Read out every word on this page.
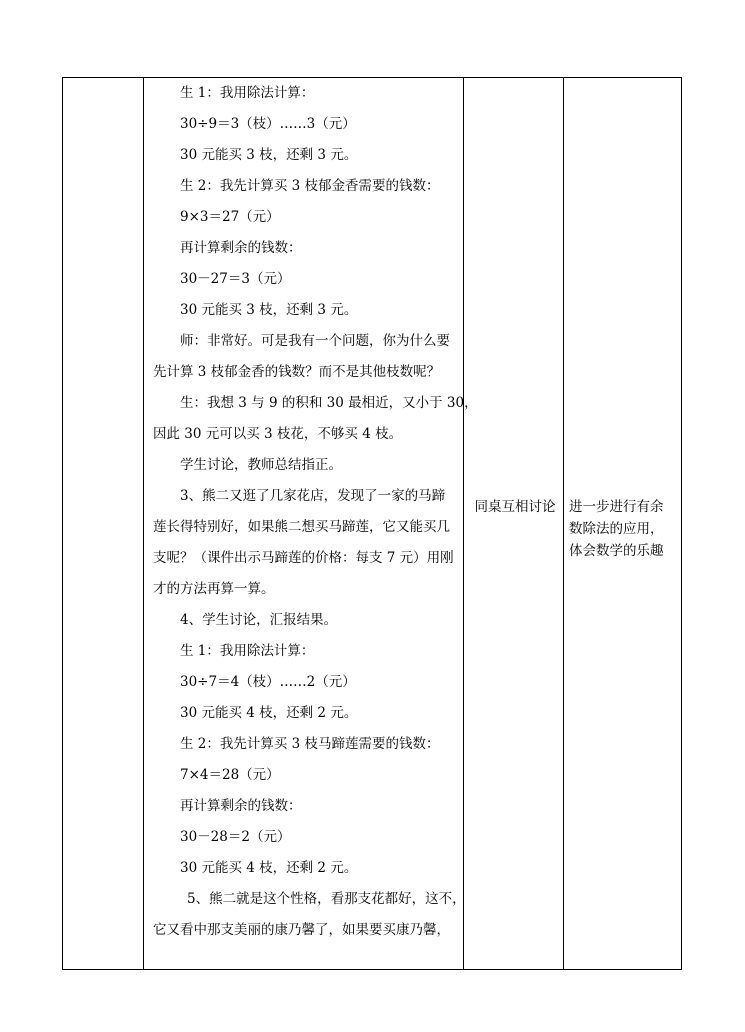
生 1：我用除法计算：
30÷9＝3（枝）……3（元）
30 元能买 3 枝，还剩 3 元。
生 2：我先计算买 3 枝郁金香需要的钱数：
9×3＝27（元）
再计算剩余的钱数：
30－27＝3（元）
30 元能买 3 枝，还剩 3 元。
师：非常好。可是我有一个问题，你为什么要
先计算 3 枝郁金香的钱数？而不是其他枝数呢？
生：我想 3 与 9 的积和 30 最相近，又小于 30，
因此 30 元可以买 3 枝花，不够买 4 枝。
学生讨论，教师总结指正。
3、熊二又逛了几家花店，发现了一家的马蹄
莲长得特别好，如果熊二想买马蹄莲，它又能买几
支呢？（课件出示马蹄莲的价格：每支 7 元）用刚
才的方法再算一算。
4、学生讨论，汇报结果。
生 1：我用除法计算：
30÷7＝4（枝）……2（元）
30 元能买 4 枝，还剩 2 元。
生 2：我先计算买 3 枝马蹄莲需要的钱数：
7×4＝28（元）
再计算剩余的钱数：
30－28＝2（元）
30 元能买 4 枝，还剩 2 元。
5、熊二就是这个性格，看那支花都好，这不，
它又看中那支美丽的康乃馨了，如果要买康乃馨，
同桌互相讨论	进一步进行有余
数除法的应用，
体会数学的乐趣
